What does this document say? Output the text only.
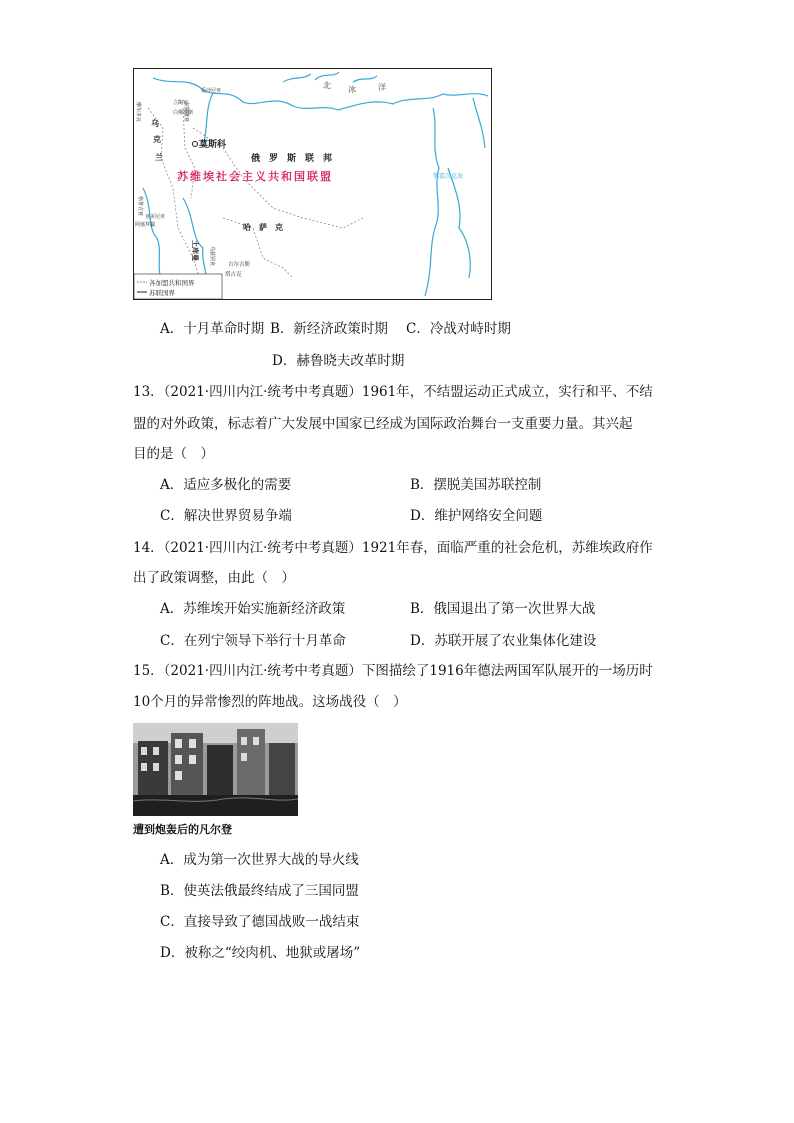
各加盟共和国界
苏联国界
北 冰	洋
莫斯科
俄　罗　斯　联　邦
苏维埃社会主义共和国联盟
乌
克
兰
哈　萨　克
土库曼 乌兹别克
塔吉克
吉尔吉斯
白俄罗斯
拉脱维亚
爱沙尼亚
立陶宛
摩尔多瓦
格鲁吉亚
亚美尼亚
阿塞拜疆
鄂霍次克海
A．十月革命时期 B．新经济政策时期 C．冷战对峙时期
D．赫鲁晓夫改革时期
13．（2021·四川内江·统考中考真题）1961年，不结盟运动正式成立，实行和平、不结
盟的对外政策，标志着广大发展中国家已经成为国际政治舞台一支重要力量。其兴起
目的是（　）
A．适应多极化的需要	B．摆脱美国苏联控制
C．解决世界贸易争端	D．维护网络安全问题
14．（2021·四川内江·统考中考真题）1921年春，面临严重的社会危机，苏维埃政府作
出了政策调整，由此（　）
A．苏维埃开始实施新经济政策	B．俄国退出了第一次世界大战
C．在列宁领导下举行十月革命	D．苏联开展了农业集体化建设
15．（2021·四川内江·统考中考真题）下图描绘了1916年德法两国军队展开的一场历时
10个月的异常惨烈的阵地战。这场战役（　）
遭到炮轰后的凡尔登
A．成为第一次世界大战的导火线
B．使英法俄最终结成了三国同盟
C．直接导致了德国战败一战结束
D．被称之“绞肉机、地狱或屠场”
